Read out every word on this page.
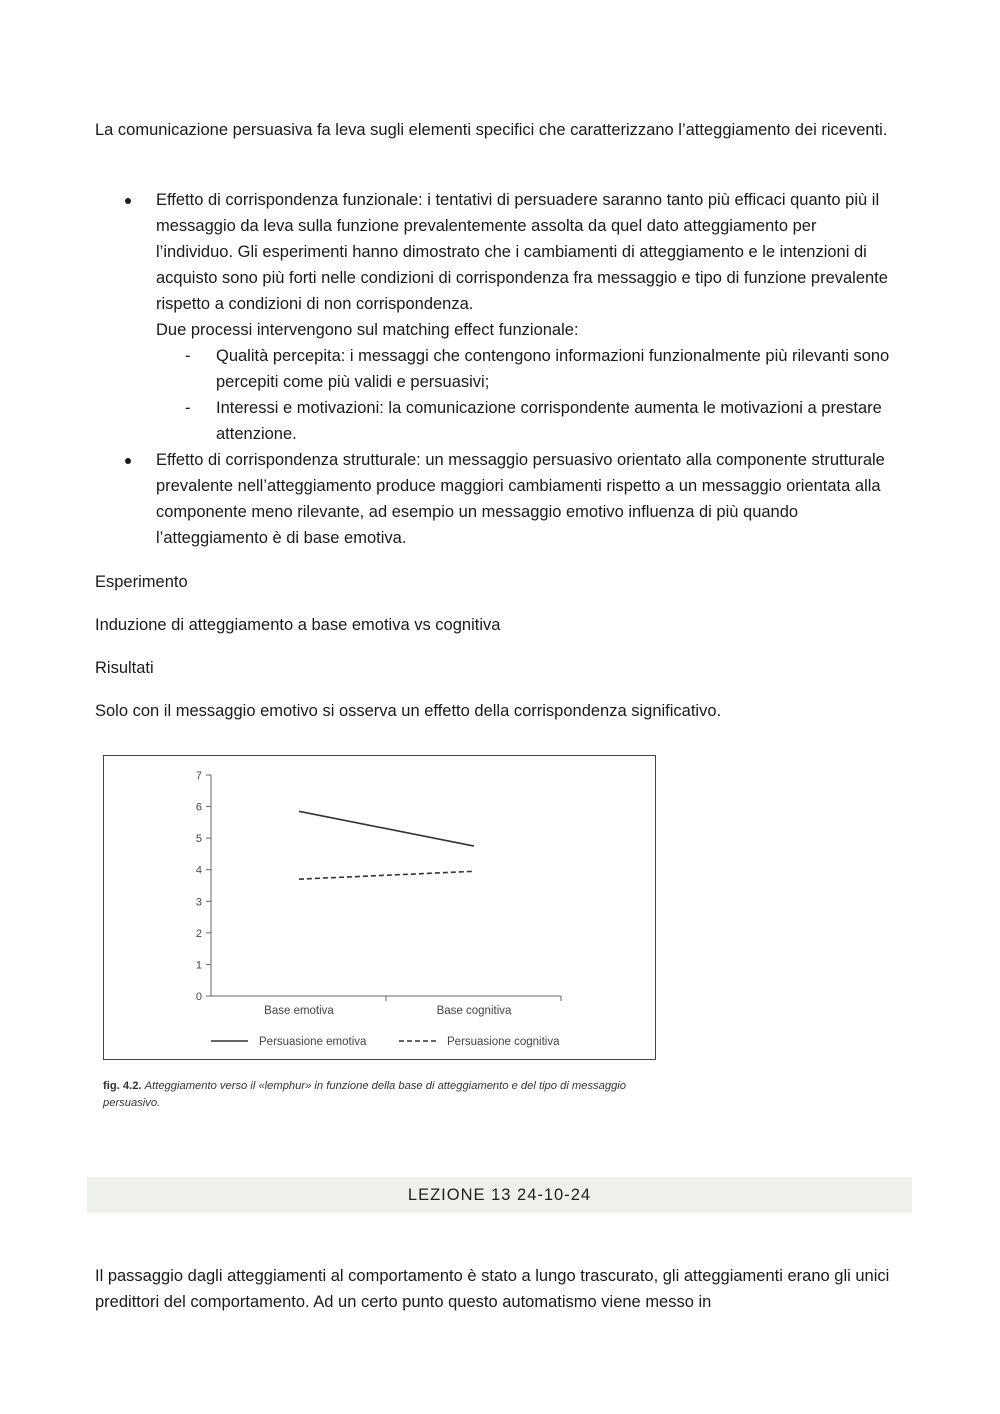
La comunicazione persuasiva fa leva sugli elementi specifici che caratterizzano l’atteggiamento dei riceventi.

Effetto di corrispondenza funzionale: i tentativi di persuadere saranno tanto più efficaci quanto più il messaggio da leva sulla funzione prevalentemente assolta da quel dato atteggiamento per l’individuo. Gli esperimenti hanno dimostrato che i cambiamenti di atteggiamento e le intenzioni di acquisto sono più forti nelle condizioni di corrispondenza fra messaggio e tipo di funzione prevalente rispetto a condizioni di non corrispondenza.
Due processi intervengono sul matching effect funzionale:
- Qualità percepita: i messaggi che contengono informazioni funzionalmente più rilevanti sono percepiti come più validi e persuasivi;
- Interessi e motivazioni: la comunicazione corrispondente aumenta le motivazioni a prestare attenzione.
Effetto di corrispondenza strutturale: un messaggio persuasivo orientato alla componente strutturale prevalente nell’atteggiamento produce maggiori cambiamenti rispetto a un messaggio orientata alla componente meno rilevante, ad esempio un messaggio emotivo influenza di più quando l’atteggiamento è di base emotiva.

Esperimento

Induzione di atteggiamento a base emotiva vs cognitiva

Risultati

Solo con il messaggio emotivo si osserva un effetto della corrispondenza significativo.

0
1
2
3
4
5
6
7
Base emotiva	Base cognitiva
Persuasione emotiva	Persuasione cognitiva
fig. 4.2. Atteggiamento verso il «lemphur» in funzione della base di atteggiamento e del tipo di messaggio persuasivo.
LEZIONE 13 24-10-24

Il passaggio dagli atteggiamenti al comportamento è stato a lungo trascurato, gli atteggiamenti erano gli unici predittori del comportamento. Ad un certo punto questo automatismo viene messo in
